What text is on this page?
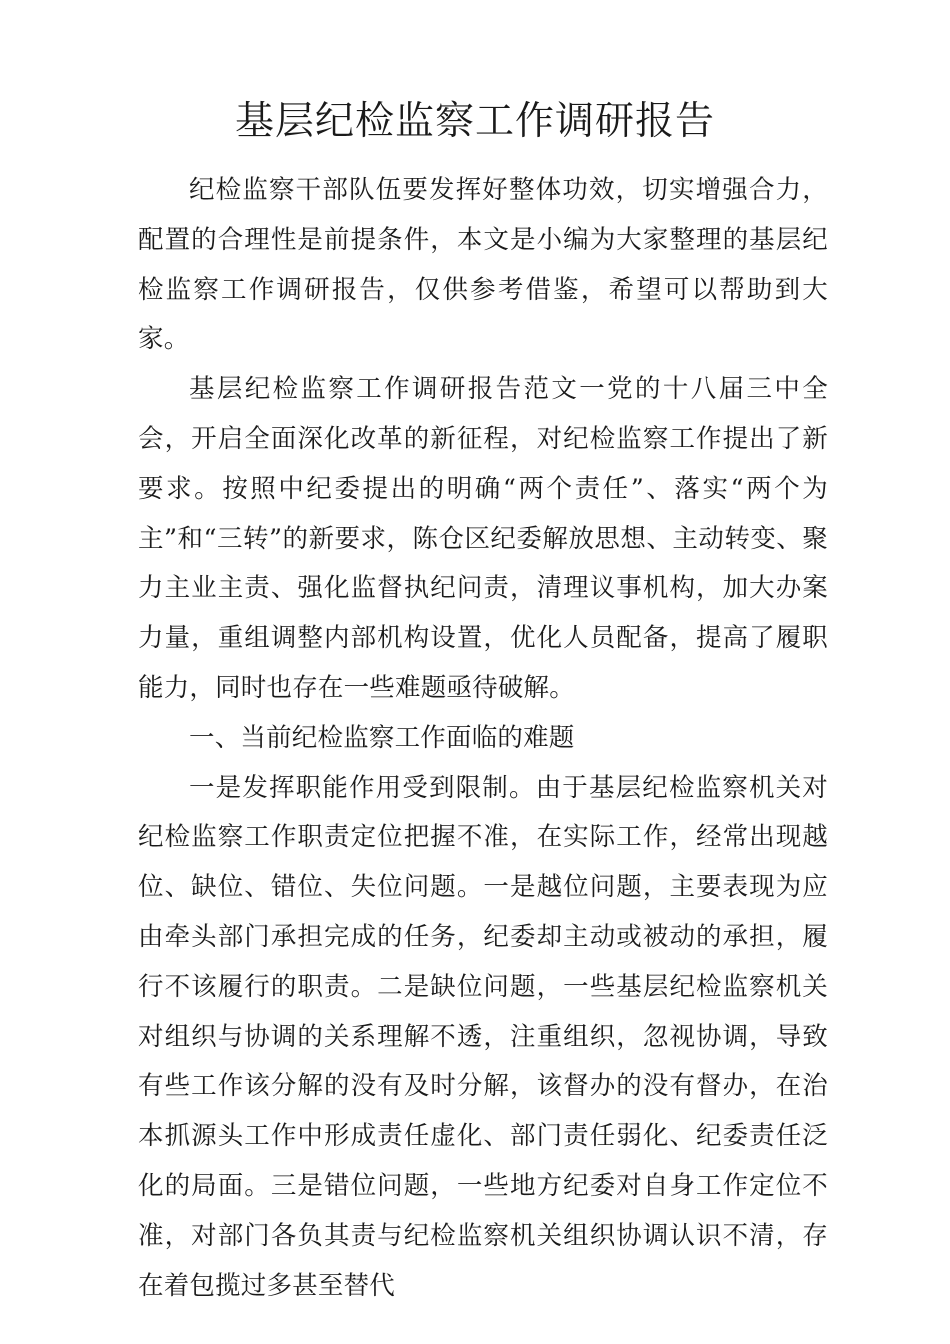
基层纪检监察工作调研报告

纪检监察干部队伍要发挥好整体功效，切实增强合力，配置的合理性是前提条件，本文是小编为大家整理的基层纪检监察工作调研报告，仅供参考借鉴，希望可以帮助到大家。

基层纪检监察工作调研报告范文一党的十八届三中全会，开启全面深化改革的新征程，对纪检监察工作提出了新要求。按照中纪委提出的明确“两个责任”、落实“两个为主”和“三转”的新要求，陈仓区纪委解放思想、主动转变、聚力主业主责、强化监督执纪问责，清理议事机构，加大办案力量，重组调整内部机构设置，优化人员配备，提高了履职能力，同时也存在一些难题亟待破解。

一、当前纪检监察工作面临的难题

一是发挥职能作用受到限制。由于基层纪检监察机关对纪检监察工作职责定位把握不准，在实际工作，经常出现越位、缺位、错位、失位问题。一是越位问题，主要表现为应由牵头部门承担完成的任务，纪委却主动或被动的承担，履行不该履行的职责。二是缺位问题，一些基层纪检监察机关对组织与协调的关系理解不透，注重组织，忽视协调，导致有些工作该分解的没有及时分解，该督办的没有督办，在治本抓源头工作中形成责任虚化、部门责任弱化、纪委责任泛化的局面。三是错位问题，一些地方纪委对自身工作定位不准，对部门各负其责与纪检监察机关组织协调认识不清，存在着包揽过多甚至替代
